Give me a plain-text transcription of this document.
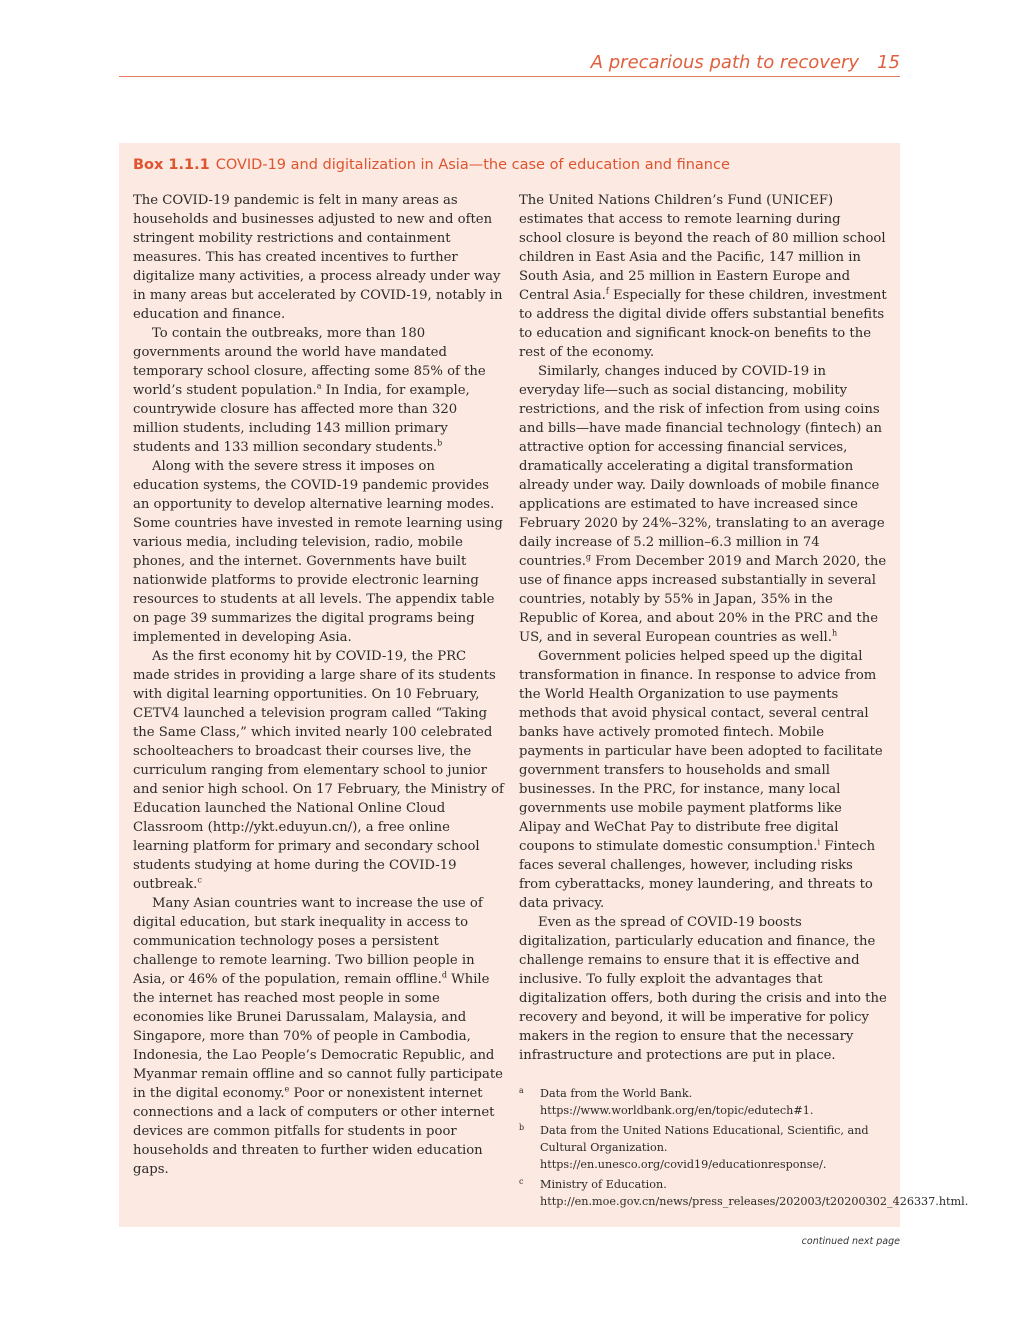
A precarious path to recovery 15
Box 1.1.1 COVID-19 and digitalization in Asia—the case of education and finance

The COVID-19 pandemic is felt in many areas as households and businesses adjusted to new and often stringent mobility restrictions and containment measures. This has created incentives to further digitalize many activities, a process already under way in many areas but accelerated by COVID-19, notably in education and finance.

To contain the outbreaks, more than 180 governments around the world have mandated temporary school closure, affecting some 85% of the world’s student population.$^a$ In India, for example, countrywide closure has affected more than 320 million students, including 143 million primary students and 133 million secondary students.$^b$

Along with the severe stress it imposes on education systems, the COVID-19 pandemic provides an opportunity to develop alternative learning modes. Some countries have invested in remote learning using various media, including television, radio, mobile phones, and the internet. Governments have built nationwide platforms to provide electronic learning resources to students at all levels. The appendix table on page 39 summarizes the digital programs being implemented in developing Asia.

As the first economy hit by COVID-19, the PRC made strides in providing a large share of its students with digital learning opportunities. On 10 February, CETV4 launched a television program called “Taking the Same Class,” which invited nearly 100 celebrated schoolteachers to broadcast their courses live, the curriculum ranging from elementary school to junior and senior high school. On 17 February, the Ministry of Education launched the National Online Cloud Classroom (http://ykt.eduyun.cn/), a free online learning platform for primary and secondary school students studying at home during the COVID-19 outbreak.$^c$

Many Asian countries want to increase the use of digital education, but stark inequality in access to communication technology poses a persistent challenge to remote learning. Two billion people in Asia, or 46% of the population, remain offline.$^d$ While the internet has reached most people in some economies like Brunei Darussalam, Malaysia, and Singapore, more than 70% of people in Cambodia, Indonesia, the Lao People’s Democratic Republic, and Myanmar remain offline and so cannot fully participate in the digital economy.$^e$ Poor or nonexistent internet connections and a lack of computers or other internet devices are common pitfalls for students in poor households and threaten to further widen education gaps.

The United Nations Children’s Fund (UNICEF) estimates that access to remote learning during school closure is beyond the reach of 80 million school children in East Asia and the Pacific, 147 million in South Asia, and 25 million in Eastern Europe and Central Asia.$^f$ Especially for these children, investment to address the digital divide offers substantial benefits to education and significant knock-on benefits to the rest of the economy.

Similarly, changes induced by COVID-19 in everyday life—such as social distancing, mobility restrictions, and the risk of infection from using coins and bills—have made financial technology (fintech) an attractive option for accessing financial services, dramatically accelerating a digital transformation already under way. Daily downloads of mobile finance applications are estimated to have increased since February 2020 by 24%–32%, translating to an average daily increase of 5.2 million–6.3 million in 74 countries.$^g$ From December 2019 and March 2020, the use of finance apps increased substantially in several countries, notably by 55% in Japan, 35% in the Republic of Korea, and about 20% in the PRC and the US, and in several European countries as well.$^h$

Government policies helped speed up the digital transformation in finance. In response to advice from the World Health Organization to use payments methods that avoid physical contact, several central banks have actively promoted fintech. Mobile payments in particular have been adopted to facilitate government transfers to households and small businesses. In the PRC, for instance, many local governments use mobile payment platforms like Alipay and WeChat Pay to distribute free digital coupons to stimulate domestic consumption.$^i$ Fintech faces several challenges, however, including risks from cyberattacks, money laundering, and threats to data privacy.

Even as the spread of COVID-19 boosts digitalization, particularly education and finance, the challenge remains to ensure that it is effective and inclusive. To fully exploit the advantages that digitalization offers, both during the crisis and into the recovery and beyond, it will be imperative for policy makers in the region to ensure that the necessary infrastructure and protections are put in place.

a	Data from the World Bank. https://www.worldbank.org/en/topic/edutech#1.
b	Data from the United Nations Educational, Scientific, and Cultural Organization. https://en.unesco.org/covid19/educationresponse/.
c	Ministry of Education. http://en.moe.gov.cn/news/press_releases/202003/t20200302_426337.html.
continued next page
